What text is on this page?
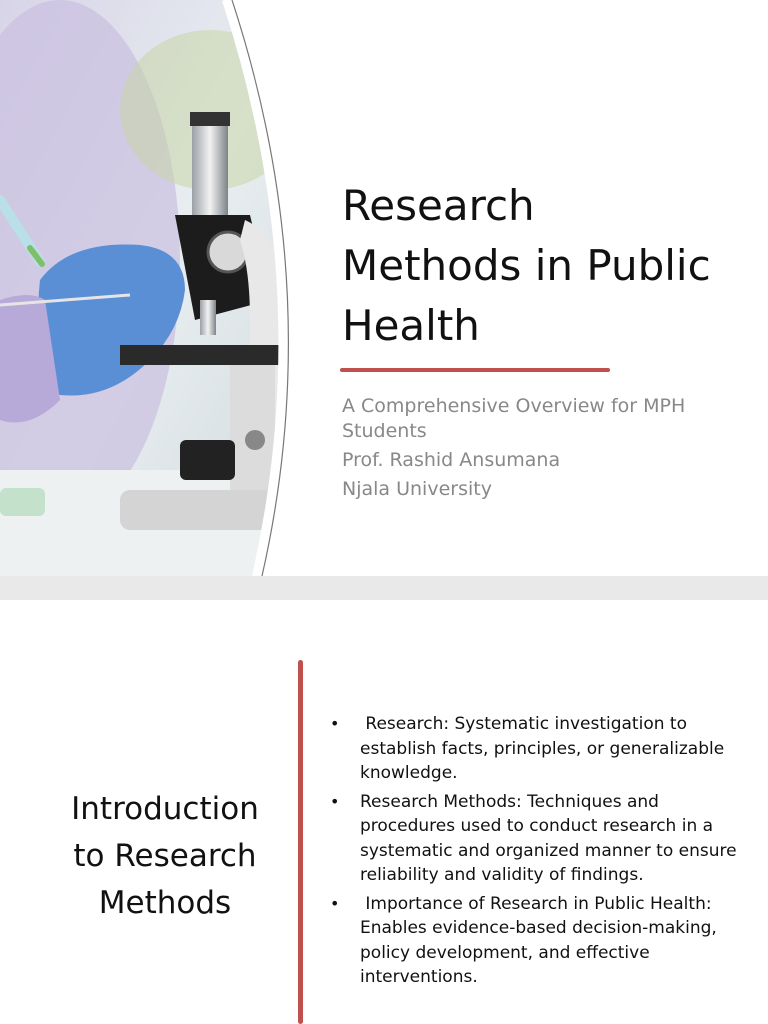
Research
Methods in Public
Health
A Comprehensive Overview for MPH Students
Prof. Rashid Ansumana
Njala University
Introduction
to Research
Methods
• Research: Systematic investigation to establish facts, principles, or generalizable knowledge.
• Research Methods: Techniques and procedures used to conduct research in a systematic and organized manner to ensure reliability and validity of findings.
• Importance of Research in Public Health: Enables evidence-based decision-making, policy development, and effective interventions.
